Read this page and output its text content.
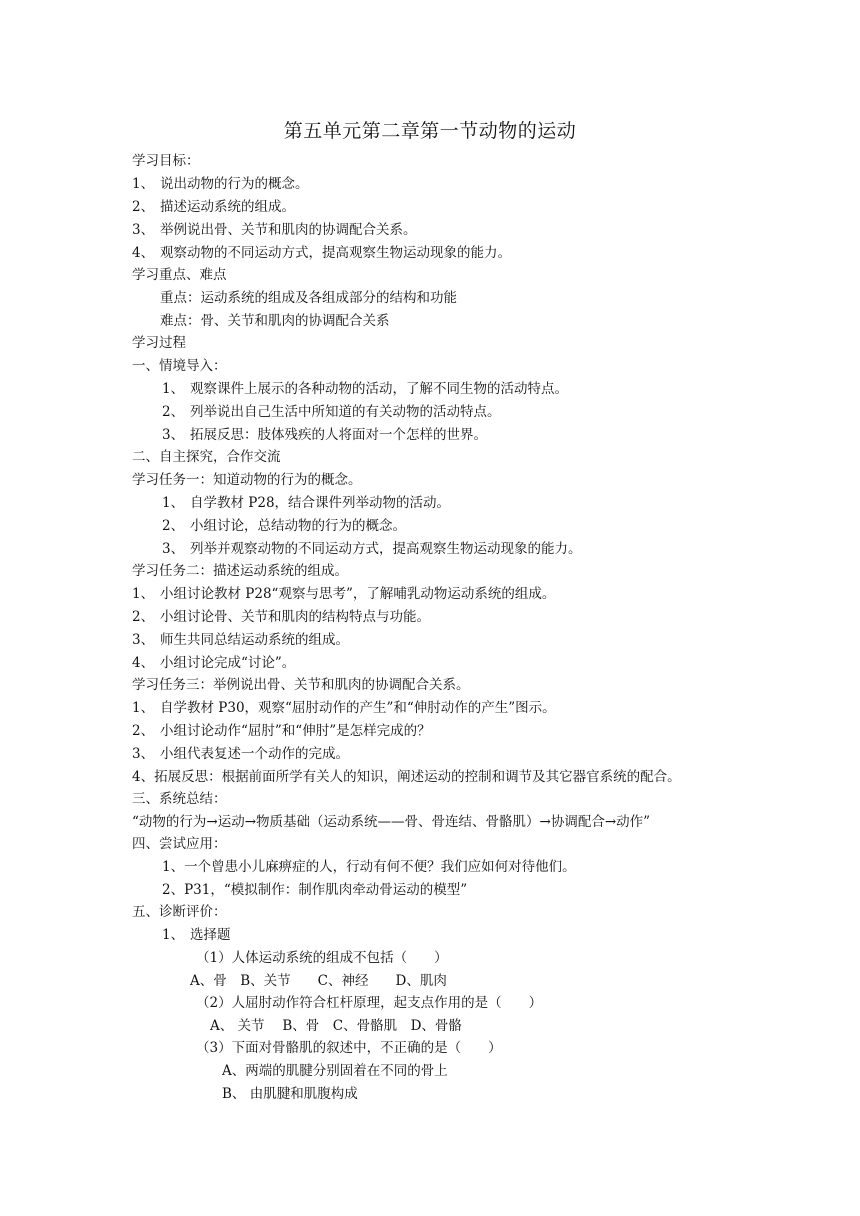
第五单元第二章第一节动物的运动
学习目标：
1、 说出动物的行为的概念。
2、 描述运动系统的组成。
3、 举例说出骨、关节和肌肉的协调配合关系。
4、 观察动物的不同运动方式，提高观察生物运动现象的能力。
学习重点、难点
重点：运动系统的组成及各组成部分的结构和功能
难点：骨、关节和肌肉的协调配合关系
学习过程
一、情境导入：
1、 观察课件上展示的各种动物的活动，了解不同生物的活动特点。
2、 列举说出自己生活中所知道的有关动物的活动特点。
3、 拓展反思：肢体残疾的人将面对一个怎样的世界。
二、自主探究，合作交流
学习任务一：知道动物的行为的概念。
1、 自学教材 P28，结合课件列举动物的活动。
2、 小组讨论，总结动物的行为的概念。
3、 列举并观察动物的不同运动方式，提高观察生物运动现象的能力。
学习任务二：描述运动系统的组成。
1、 小组讨论教材 P28“观察与思考”，了解哺乳动物运动系统的组成。
2、 小组讨论骨、关节和肌肉的结构特点与功能。
3、 师生共同总结运动系统的组成。
4、 小组讨论完成“讨论”。
学习任务三：举例说出骨、关节和肌肉的协调配合关系。
1、 自学教材 P30，观察“屈肘动作的产生”和“伸肘动作的产生”图示。
2、 小组讨论动作“屈肘”和“伸肘”是怎样完成的？
3、 小组代表复述一个动作的完成。
4、拓展反思：根据前面所学有关人的知识，阐述运动的控制和调节及其它器官系统的配合。
三、系统总结：
“动物的行为→运动→物质基础（运动系统——骨、骨连结、骨骼肌）→协调配合→动作”
四、尝试应用：
1、一个曾患小儿麻痹症的人，行动有何不便？我们应如何对待他们。
2、P31，“模拟制作：制作肌肉牵动骨运动的模型”
五、诊断评价：
1、 选择题
（1）人体运动系统的组成不包括（　　）
A、骨　B、关节　　C、神经　　D、肌肉
（2）人屈肘动作符合杠杆原理，起支点作用的是（　　）
A、 关节　 B、骨　C、骨骼肌　D、骨骼
（3）下面对骨骼肌的叙述中，不正确的是（　　）
A、两端的肌腱分别固着在不同的骨上
B、 由肌腱和肌腹构成
